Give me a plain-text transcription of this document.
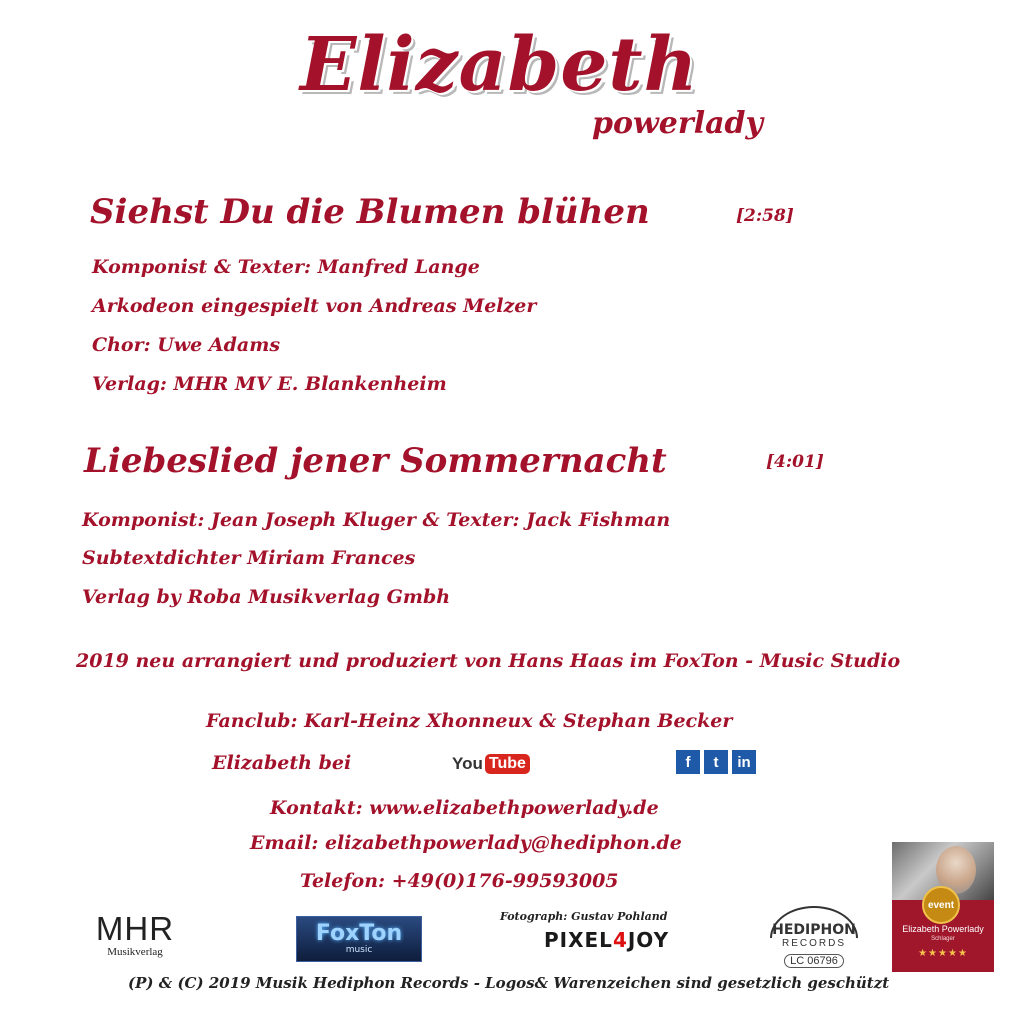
Elizabeth
powerlady
Siehst Du die Blumen blühen	[2:58]
Komponist & Texter: Manfred Lange
Arkodeon eingespielt von Andreas Melzer
Chor: Uwe Adams
Verlag: MHR MV E. Blankenheim
Liebeslied jener Sommernacht	[4:01]
Komponist: Jean Joseph Kluger & Texter: Jack Fishman
Subtextdichter Miriam Frances
Verlag by Roba Musikverlag Gmbh
2019 neu arrangiert und produziert von Hans Haas im FoxTon - Music Studio
Fanclub: Karl-Heinz Xhonneux & Stephan Becker
Elizabeth bei	You Tube	f	t	in
Kontakt: www.elizabethpowerlady.de
Email: elizabethpowerlady@hediphon.de
Telefon: +49(0)176-99593005
MHR
Musikverlag
FoxTon
music
Fotograph: Gustav Pohland
PIXEL4JOY	HEDIPHON
RECORDS
LC 06796
event
Elizabeth Powerlady
Schlager
★★★★★
(P) & (C) 2019 Musik Hediphon Records - Logos& Warenzeichen sind gesetzlich geschützt
